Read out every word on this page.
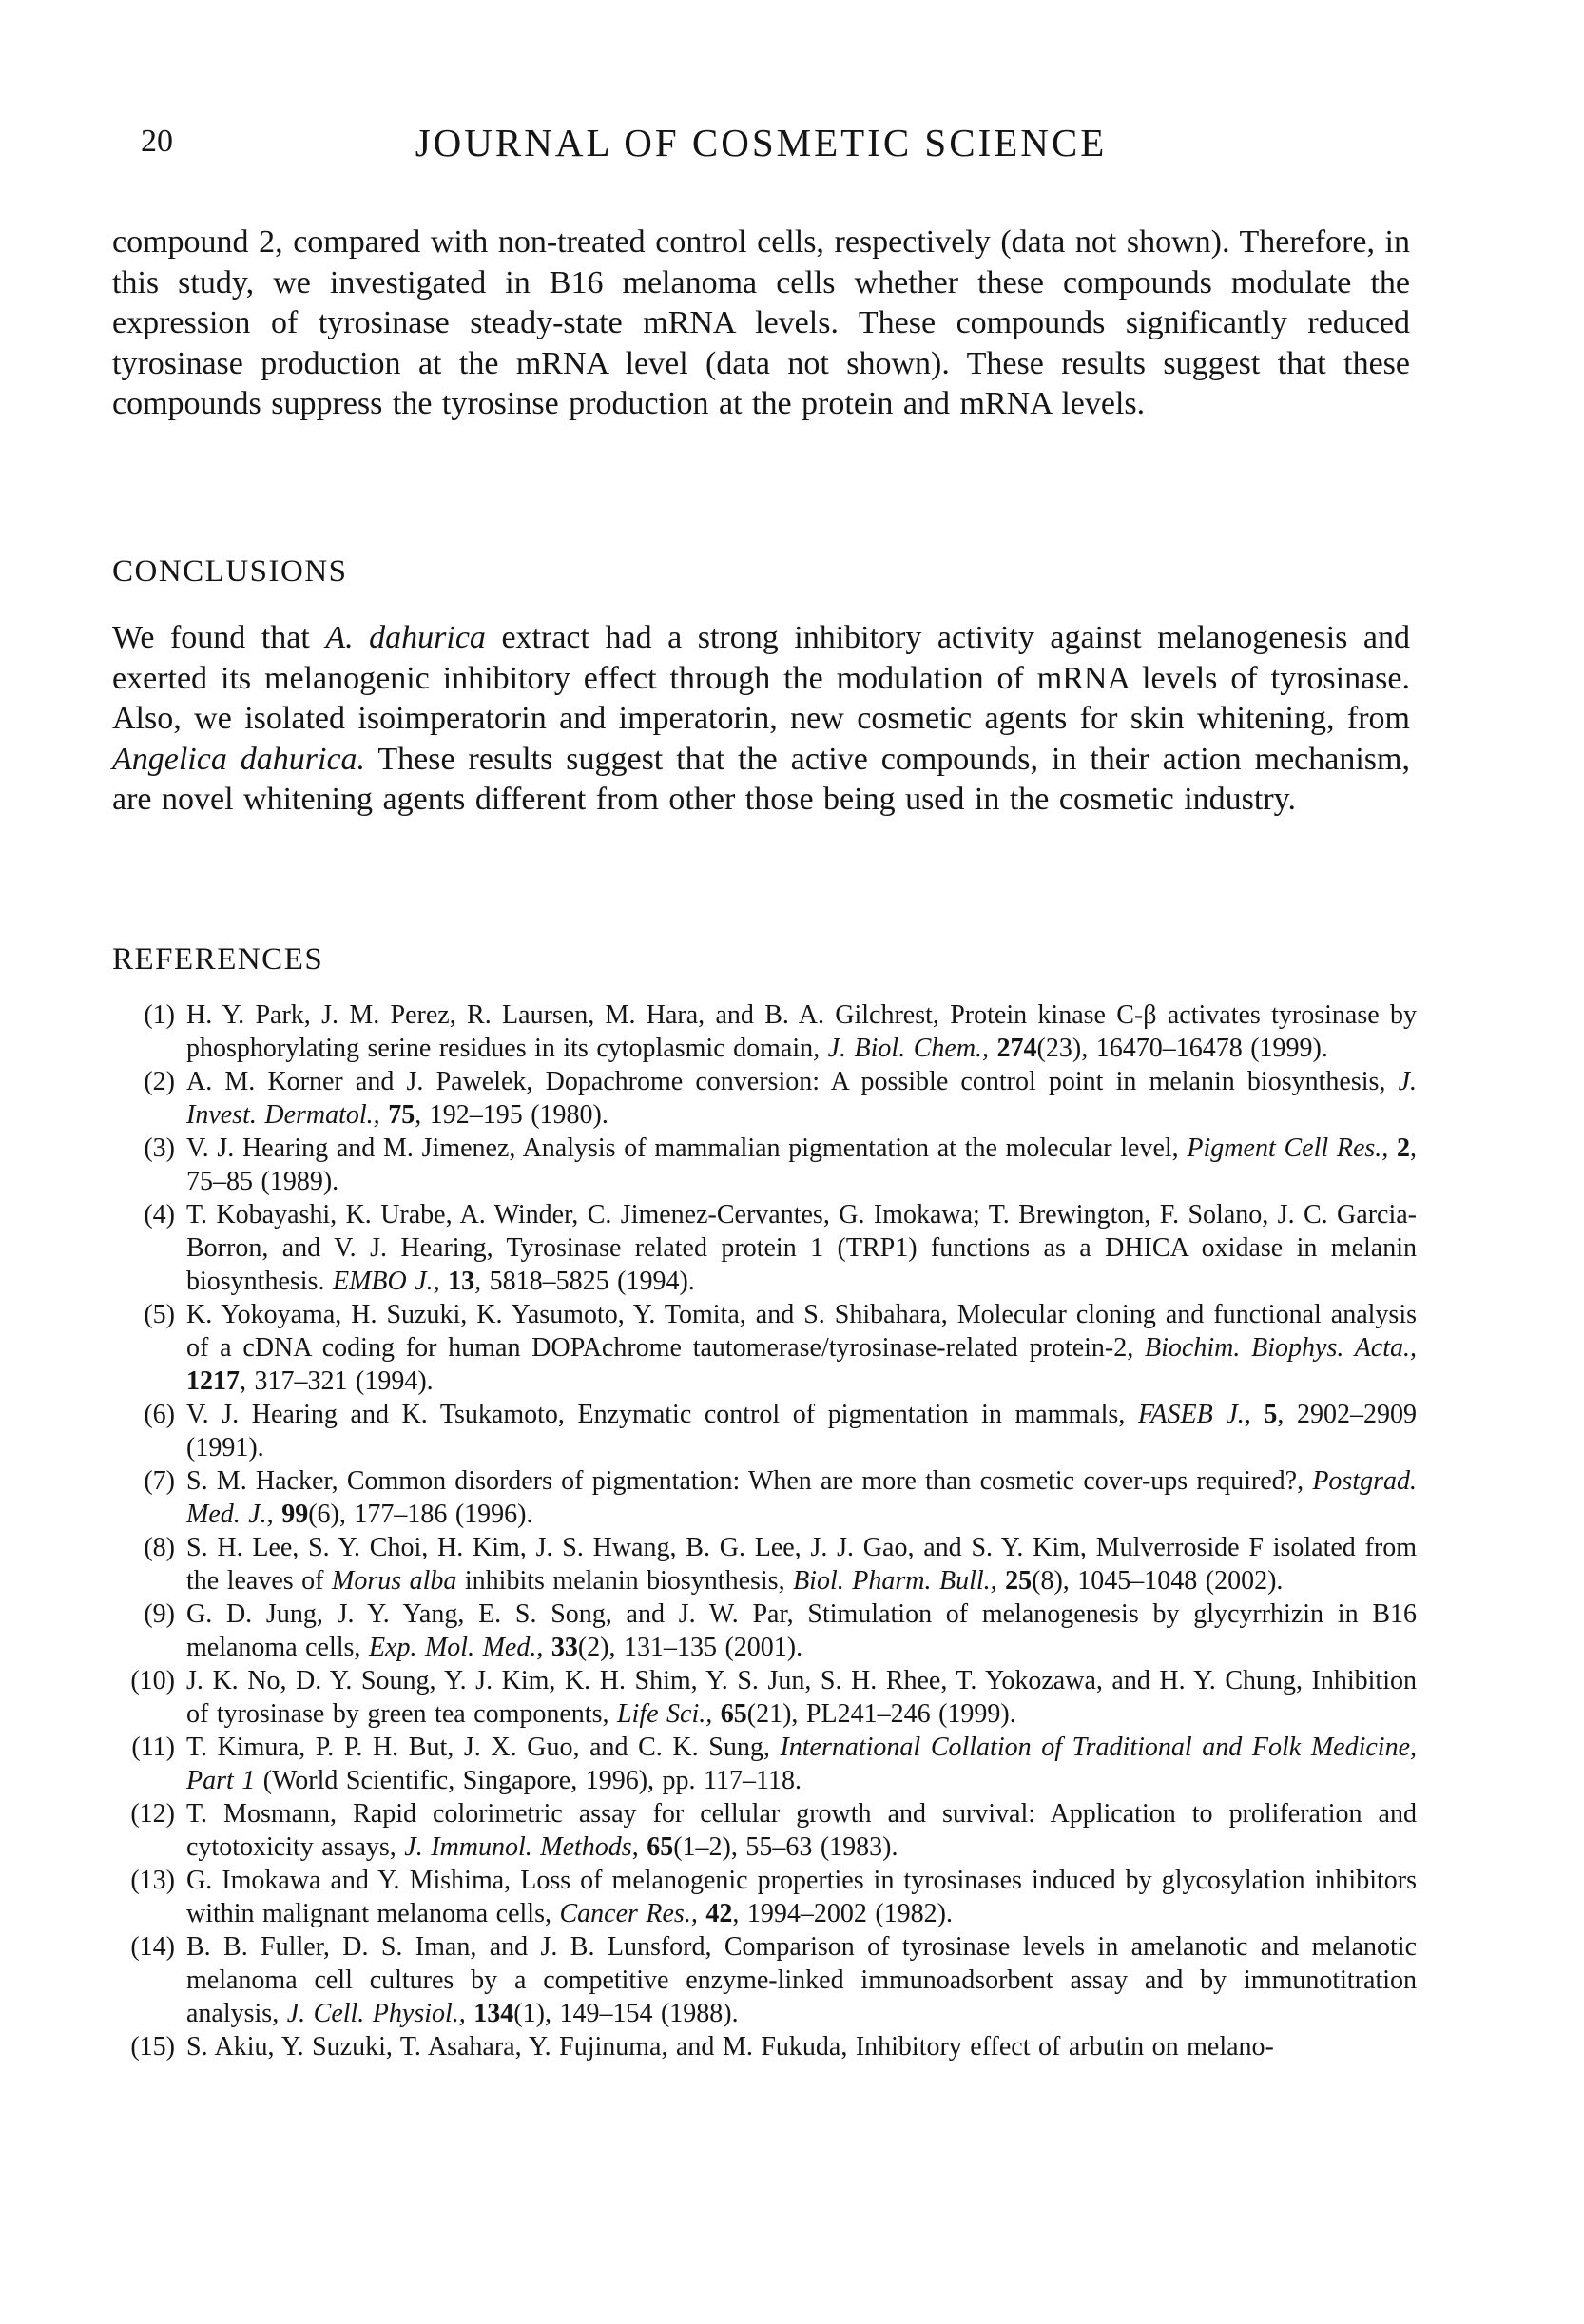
20	JOURNAL OF COSMETIC SCIENCE

compound 2, compared with non-treated control cells, respectively (data not shown). Therefore, in this study, we investigated in B16 melanoma cells whether these compounds modulate the expression of tyrosinase steady-state mRNA levels. These compounds significantly reduced tyrosinase production at the mRNA level (data not shown). These results suggest that these compounds suppress the tyrosinse production at the protein and mRNA levels.

CONCLUSIONS

We found that A. dahurica extract had a strong inhibitory activity against melanogenesis and exerted its melanogenic inhibitory effect through the modulation of mRNA levels of tyrosinase. Also, we isolated isoimperatorin and imperatorin, new cosmetic agents for skin whitening, from Angelica dahurica. These results suggest that the active compounds, in their action mechanism, are novel whitening agents different from other those being used in the cosmetic industry.

REFERENCES
(1) H. Y. Park, J. M. Perez, R. Laursen, M. Hara, and B. A. Gilchrest, Protein kinase C-β activates tyrosinase by phosphorylating serine residues in its cytoplasmic domain, J. Biol. Chem., 274(23), 16470–16478 (1999).
(2) A. M. Korner and J. Pawelek, Dopachrome conversion: A possible control point in melanin biosynthesis, J. Invest. Dermatol., 75, 192–195 (1980).
(3) V. J. Hearing and M. Jimenez, Analysis of mammalian pigmentation at the molecular level, Pigment Cell Res., 2, 75–85 (1989).
(4) T. Kobayashi, K. Urabe, A. Winder, C. Jimenez-Cervantes, G. Imokawa; T. Brewington, F. Solano, J. C. Garcia-Borron, and V. J. Hearing, Tyrosinase related protein 1 (TRP1) functions as a DHICA oxidase in melanin biosynthesis. EMBO J., 13, 5818–5825 (1994).
(5) K. Yokoyama, H. Suzuki, K. Yasumoto, Y. Tomita, and S. Shibahara, Molecular cloning and functional analysis of a cDNA coding for human DOPAchrome tautomerase/tyrosinase-related protein-2, Biochim. Biophys. Acta., 1217, 317–321 (1994).
(6) V. J. Hearing and K. Tsukamoto, Enzymatic control of pigmentation in mammals, FASEB J., 5, 2902–2909 (1991).
(7) S. M. Hacker, Common disorders of pigmentation: When are more than cosmetic cover-ups required?, Postgrad. Med. J., 99(6), 177–186 (1996).
(8) S. H. Lee, S. Y. Choi, H. Kim, J. S. Hwang, B. G. Lee, J. J. Gao, and S. Y. Kim, Mulverroside F isolated from the leaves of Morus alba inhibits melanin biosynthesis, Biol. Pharm. Bull., 25(8), 1045–1048 (2002).
(9) G. D. Jung, J. Y. Yang, E. S. Song, and J. W. Par, Stimulation of melanogenesis by glycyrrhizin in B16 melanoma cells, Exp. Mol. Med., 33(2), 131–135 (2001).
(10) J. K. No, D. Y. Soung, Y. J. Kim, K. H. Shim, Y. S. Jun, S. H. Rhee, T. Yokozawa, and H. Y. Chung, Inhibition of tyrosinase by green tea components, Life Sci., 65(21), PL241–246 (1999).
(11) T. Kimura, P. P. H. But, J. X. Guo, and C. K. Sung, International Collation of Traditional and Folk Medicine, Part 1 (World Scientific, Singapore, 1996), pp. 117–118.
(12) T. Mosmann, Rapid colorimetric assay for cellular growth and survival: Application to proliferation and cytotoxicity assays, J. Immunol. Methods, 65(1–2), 55–63 (1983).
(13) G. Imokawa and Y. Mishima, Loss of melanogenic properties in tyrosinases induced by glycosylation inhibitors within malignant melanoma cells, Cancer Res., 42, 1994–2002 (1982).
(14) B. B. Fuller, D. S. Iman, and J. B. Lunsford, Comparison of tyrosinase levels in amelanotic and melanotic melanoma cell cultures by a competitive enzyme-linked immunoadsorbent assay and by immunotitration analysis, J. Cell. Physiol., 134(1), 149–154 (1988).
(15) S. Akiu, Y. Suzuki, T. Asahara, Y. Fujinuma, and M. Fukuda, Inhibitory effect of arbutin on melano-
